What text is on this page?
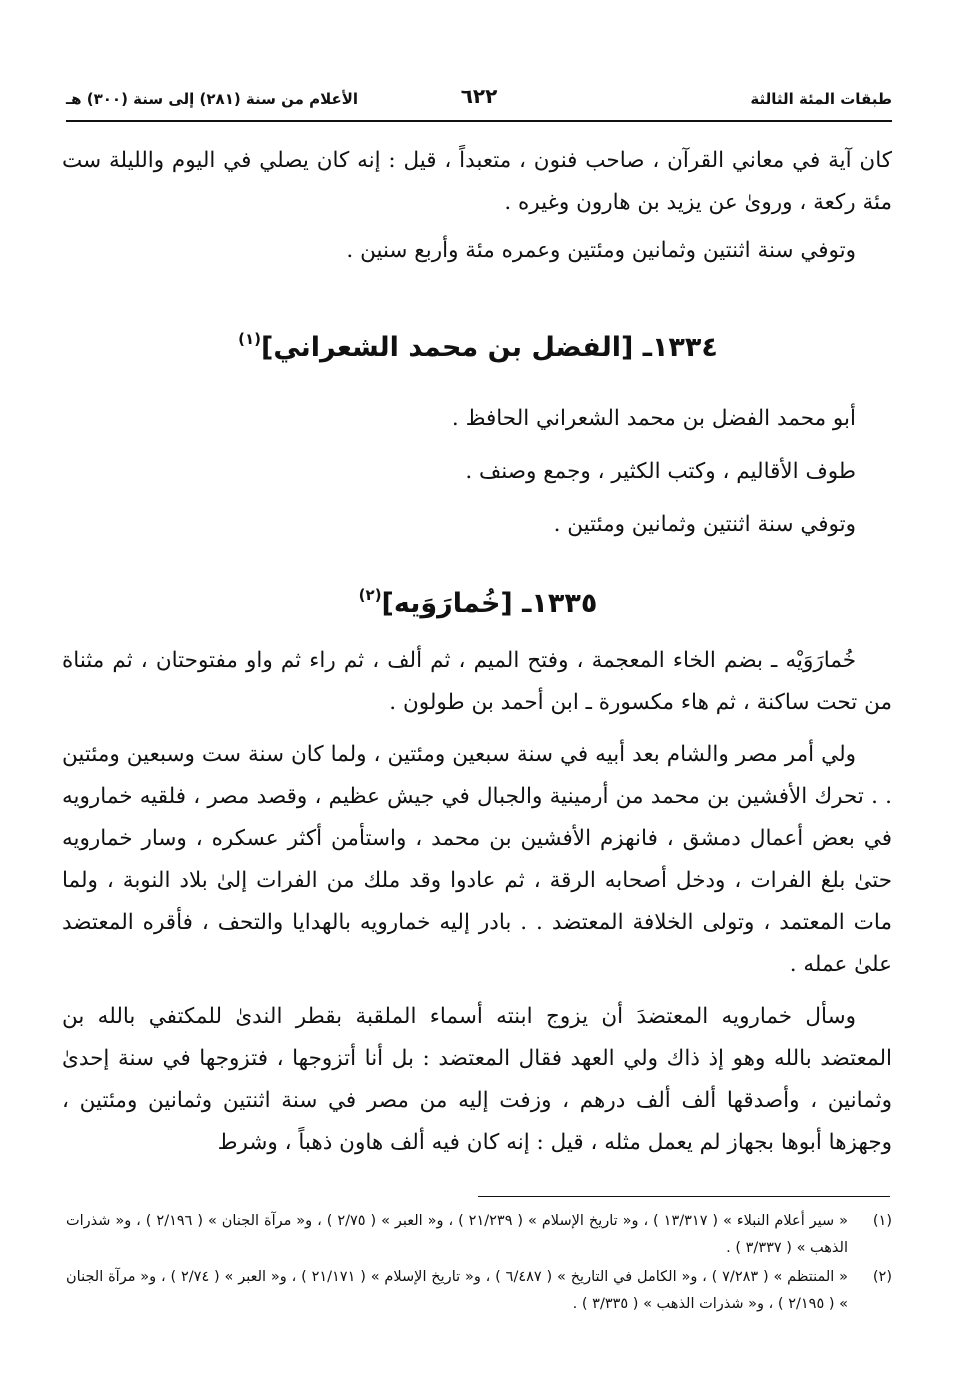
طبقات المئة الثالثة
٦٢٢
الأعلام من سنة (٢٨١) إلى سنة (٣٠٠) هـ

كان آية في معاني القرآن ، صاحب فنون ، متعبداً ، قيل : إنه كان يصلي في اليوم والليلة ست مئة ركعة ، وروىٰ عن يزيد بن هارون وغيره .

وتوفي سنة اثنتين وثمانين ومئتين وعمره مئة وأربع سنين .

١٣٣٤ـ [الفضل بن محمد الشعراني]$^{(١)}$

أبو محمد الفضل بن محمد الشعراني الحافظ .

طوف الأقاليم ، وكتب الكثير ، وجمع وصنف .

وتوفي سنة اثنتين وثمانين ومئتين .

١٣٣٥ـ [خُمارَوَيه]$^{(٢)}$

خُمارَوَيْه ـ بضم الخاء المعجمة ، وفتح الميم ، ثم ألف ، ثم راء ثم واو مفتوحتان ، ثم مثناة من تحت ساكنة ، ثم هاء مكسورة ـ ابن أحمد بن طولون .

ولي أمر مصر والشام بعد أبيه في سنة سبعين ومئتين ، ولما كان سنة ست وسبعين ومئتين . . تحرك الأفشين بن محمد من أرمينية والجبال في جيش عظيم ، وقصد مصر ، فلقيه خمارويه في بعض أعمال دمشق ، فانهزم الأفشين بن محمد ، واستأمن أكثر عسكره ، وسار خمارويه حتىٰ بلغ الفرات ، ودخل أصحابه الرقة ، ثم عادوا وقد ملك من الفرات إلىٰ بلاد النوبة ، ولما مات المعتمد ، وتولى الخلافة المعتضد . . بادر إليه خمارويه بالهدايا والتحف ، فأقره المعتضد علىٰ عمله .

وسأل خمارويه المعتضدَ أن يزوج ابنته أسماء الملقبة بقطر الندىٰ للمكتفي بالله بن المعتضد بالله وهو إذ ذاك ولي العهد فقال المعتضد : بل أنا أتزوجها ، فتزوجها في سنة إحدىٰ وثمانين ، وأصدقها ألف ألف درهم ، وزفت إليه من مصر في سنة اثنتين وثمانين ومئتين ، وجهزها أبوها بجهاز لم يعمل مثله ، قيل : إنه كان فيه ألف هاون ذهباً ، وشرط

(١)
« سير أعلام النبلاء » ( ١٣/٣١٧ ) ، و« تاريخ الإسلام » ( ٢١/٢٣٩ ) ، و« العبر » ( ٢/٧٥ ) ، و« مرآة الجنان » ( ٢/١٩٦ ) ، و« شذرات الذهب » ( ٣/٣٣٧ ) .
(٢)
« المنتظم » ( ٧/٢٨٣ ) ، و« الكامل في التاريخ » ( ٦/٤٨٧ ) ، و« تاريخ الإسلام » ( ٢١/١٧١ ) ، و« العبر » ( ٢/٧٤ ) ، و« مرآة الجنان » ( ٢/١٩٥ ) ، و« شذرات الذهب » ( ٣/٣٣٥ ) .
